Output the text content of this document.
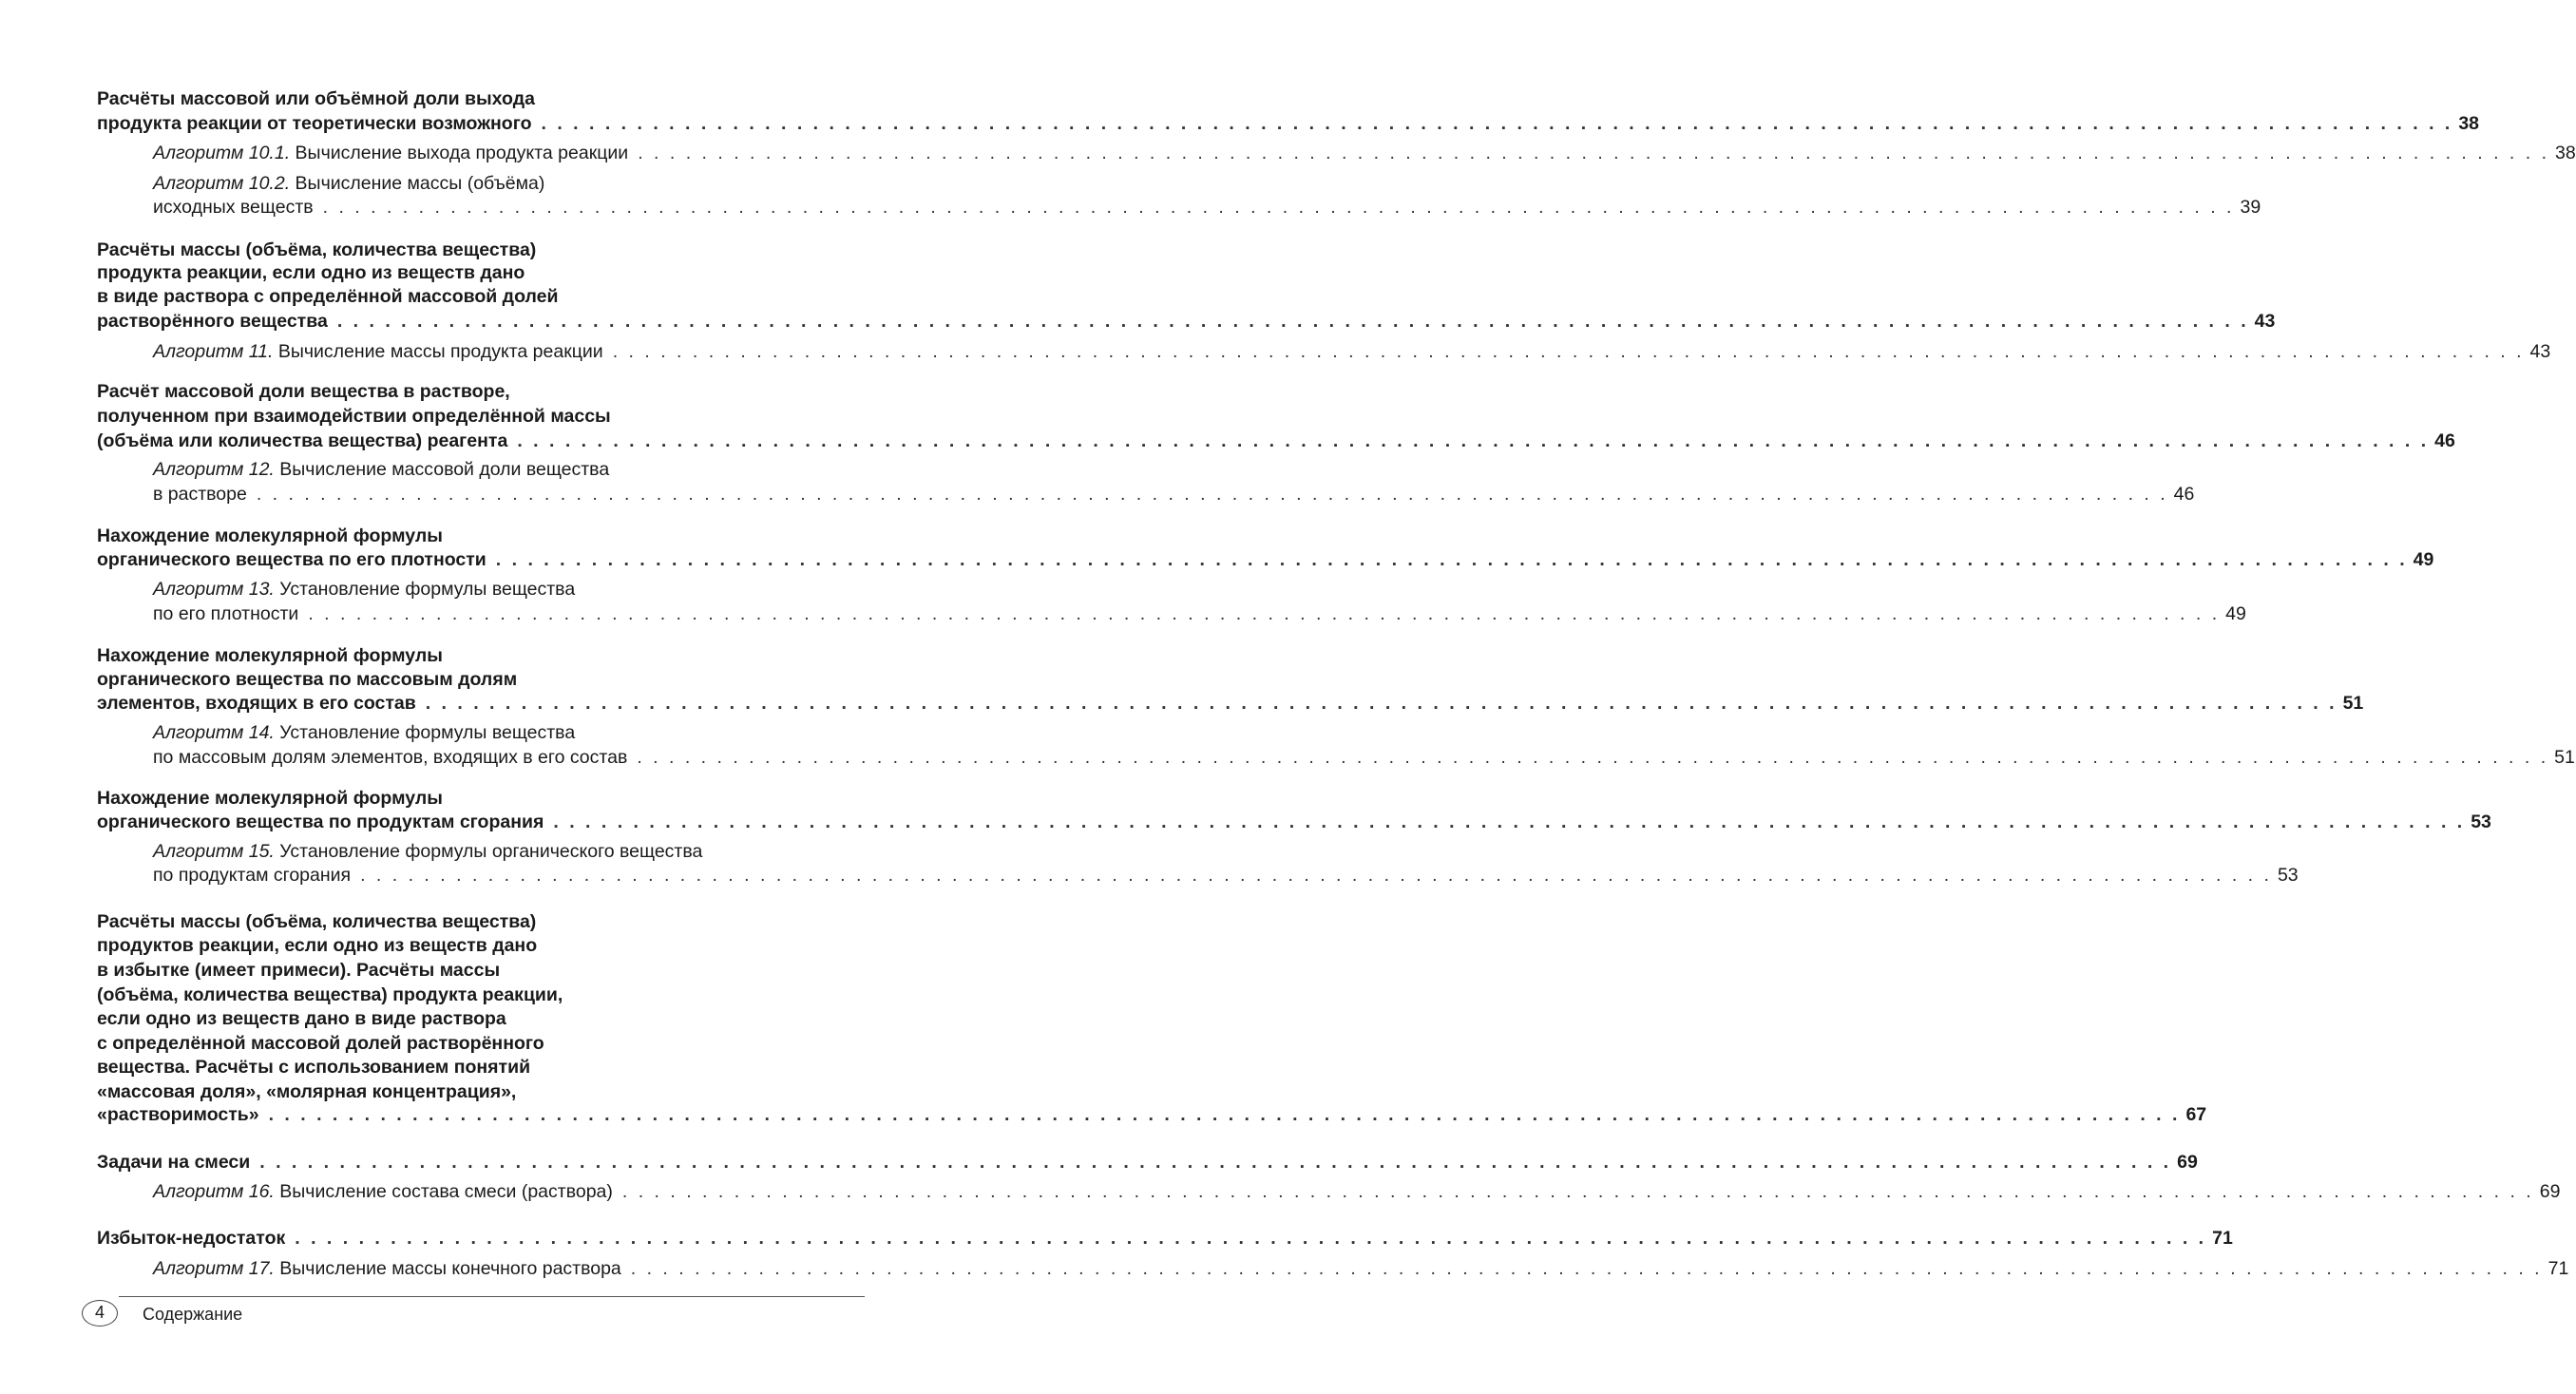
Расчёты массовой или объёмной доли выхода
продукта реакции от теоретически возможного . . . . . . . . . . . . . . . . . . . . . . . . . . . . . . . . . . . . . . . . . . . . . . . . . . . . . . . . . . . . . . . . . . . . . . . . . . . . . . . . . . . . . . . . . . . . . . . . . . . . . . . . . . . . . . . . . . . . . . . . 38
Алгоритм 10.1. Вычисление выхода продукта реакции . . . . . . . . . . . . . . . . . . . . . . . . . . . . . . . . . . . . . . . . . . . . . . . . . . . . . . . . . . . . . . . . . . . . . . . . . . . . . . . . . . . . . . . . . . . . . . . . . . . . . . . . . . . . . . . . . . . . . . . . 38
Алгоритм 10.2. Вычисление массы (объёма)
исходных веществ . . . . . . . . . . . . . . . . . . . . . . . . . . . . . . . . . . . . . . . . . . . . . . . . . . . . . . . . . . . . . . . . . . . . . . . . . . . . . . . . . . . . . . . . . . . . . . . . . . . . . . . . . . . . . . . . . . . . . . . . 39
Расчёты массы (объёма, количества вещества)
продукта реакции, если одно из веществ дано
в виде раствора с определённой массовой долей
растворённого вещества . . . . . . . . . . . . . . . . . . . . . . . . . . . . . . . . . . . . . . . . . . . . . . . . . . . . . . . . . . . . . . . . . . . . . . . . . . . . . . . . . . . . . . . . . . . . . . . . . . . . . . . . . . . . . . . . . . . . . . . . 43
Алгоритм 11. Вычисление массы продукта реакции . . . . . . . . . . . . . . . . . . . . . . . . . . . . . . . . . . . . . . . . . . . . . . . . . . . . . . . . . . . . . . . . . . . . . . . . . . . . . . . . . . . . . . . . . . . . . . . . . . . . . . . . . . . . . . . . . . . . . . . . 43
Расчёт массовой доли вещества в растворе,
полученном при взаимодействии определённой массы
(объёма или количества вещества) реагента . . . . . . . . . . . . . . . . . . . . . . . . . . . . . . . . . . . . . . . . . . . . . . . . . . . . . . . . . . . . . . . . . . . . . . . . . . . . . . . . . . . . . . . . . . . . . . . . . . . . . . . . . . . . . . . . . . . . . . . . 46
Алгоритм 12. Вычисление массовой доли вещества
в растворе . . . . . . . . . . . . . . . . . . . . . . . . . . . . . . . . . . . . . . . . . . . . . . . . . . . . . . . . . . . . . . . . . . . . . . . . . . . . . . . . . . . . . . . . . . . . . . . . . . . . . . . . . . . . . . . . . . . . . . . . 46
Нахождение молекулярной формулы
органического вещества по его плотности . . . . . . . . . . . . . . . . . . . . . . . . . . . . . . . . . . . . . . . . . . . . . . . . . . . . . . . . . . . . . . . . . . . . . . . . . . . . . . . . . . . . . . . . . . . . . . . . . . . . . . . . . . . . . . . . . . . . . . . . 49
Алгоритм 13. Установление формулы вещества
по его плотности . . . . . . . . . . . . . . . . . . . . . . . . . . . . . . . . . . . . . . . . . . . . . . . . . . . . . . . . . . . . . . . . . . . . . . . . . . . . . . . . . . . . . . . . . . . . . . . . . . . . . . . . . . . . . . . . . . . . . . . . 49
Нахождение молекулярной формулы
органического вещества по массовым долям
элементов, входящих в его состав . . . . . . . . . . . . . . . . . . . . . . . . . . . . . . . . . . . . . . . . . . . . . . . . . . . . . . . . . . . . . . . . . . . . . . . . . . . . . . . . . . . . . . . . . . . . . . . . . . . . . . . . . . . . . . . . . . . . . . . . 51
Алгоритм 14. Установление формулы вещества
по массовым долям элементов, входящих в его состав . . . . . . . . . . . . . . . . . . . . . . . . . . . . . . . . . . . . . . . . . . . . . . . . . . . . . . . . . . . . . . . . . . . . . . . . . . . . . . . . . . . . . . . . . . . . . . . . . . . . . . . . . . . . . . . . . . . . . . . . 51
Нахождение молекулярной формулы
органического вещества по продуктам сгорания . . . . . . . . . . . . . . . . . . . . . . . . . . . . . . . . . . . . . . . . . . . . . . . . . . . . . . . . . . . . . . . . . . . . . . . . . . . . . . . . . . . . . . . . . . . . . . . . . . . . . . . . . . . . . . . . . . . . . . . . 53
Алгоритм 15. Установление формулы органического вещества
по продуктам сгорания . . . . . . . . . . . . . . . . . . . . . . . . . . . . . . . . . . . . . . . . . . . . . . . . . . . . . . . . . . . . . . . . . . . . . . . . . . . . . . . . . . . . . . . . . . . . . . . . . . . . . . . . . . . . . . . . . . . . . . . . 53
Расчёты массы (объёма, количества вещества)
продуктов реакции, если одно из веществ дано
в избытке (имеет примеси). Расчёты массы
(объёма, количества вещества) продукта реакции,
если одно из веществ дано в виде раствора
с определённой массовой долей растворённого
вещества. Расчёты с использованием понятий
«массовая доля», «молярная концентрация»,
«растворимость» . . . . . . . . . . . . . . . . . . . . . . . . . . . . . . . . . . . . . . . . . . . . . . . . . . . . . . . . . . . . . . . . . . . . . . . . . . . . . . . . . . . . . . . . . . . . . . . . . . . . . . . . . . . . . . . . . . . . . . . . 67
Задачи на смеси . . . . . . . . . . . . . . . . . . . . . . . . . . . . . . . . . . . . . . . . . . . . . . . . . . . . . . . . . . . . . . . . . . . . . . . . . . . . . . . . . . . . . . . . . . . . . . . . . . . . . . . . . . . . . . . . . . . . . . . . 69
Алгоритм 16. Вычисление состава смеси (раствора) . . . . . . . . . . . . . . . . . . . . . . . . . . . . . . . . . . . . . . . . . . . . . . . . . . . . . . . . . . . . . . . . . . . . . . . . . . . . . . . . . . . . . . . . . . . . . . . . . . . . . . . . . . . . . . . . . . . . . . . . 69
Избыток-недостаток . . . . . . . . . . . . . . . . . . . . . . . . . . . . . . . . . . . . . . . . . . . . . . . . . . . . . . . . . . . . . . . . . . . . . . . . . . . . . . . . . . . . . . . . . . . . . . . . . . . . . . . . . . . . . . . . . . . . . . . . 71
Алгоритм 17. Вычисление массы конечного раствора . . . . . . . . . . . . . . . . . . . . . . . . . . . . . . . . . . . . . . . . . . . . . . . . . . . . . . . . . . . . . . . . . . . . . . . . . . . . . . . . . . . . . . . . . . . . . . . . . . . . . . . . . . . . . . . . . . . . . . . . 71
4	Содержание
